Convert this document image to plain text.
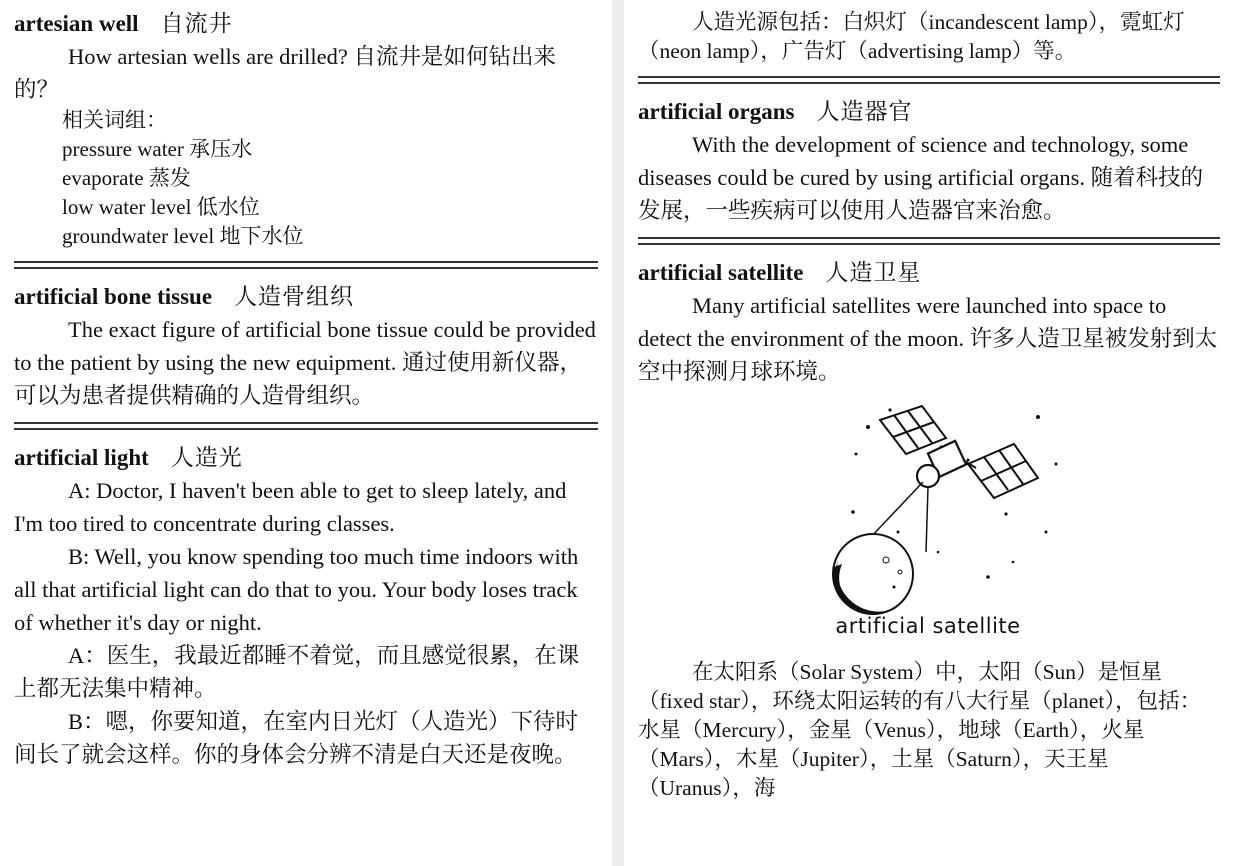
artesian well 自流井

How artesian wells are drilled? 自流井是如何钻出来的？

相关词组：
pressure water 承压水
evaporate 蒸发
low water level 低水位
groundwater level 地下水位

artificial bone tissue 人造骨组织

The exact figure of artificial bone tissue could be provided to the patient by using the new equipment. 通过使用新仪器，可以为患者提供精确的人造骨组织。

artificial light 人造光

A: Doctor, I haven't been able to get to sleep lately, and I'm too tired to concentrate during classes.

B: Well, you know spending too much time indoors with all that artificial light can do that to you. Your body loses track of whether it's day or night.

A：医生，我最近都睡不着觉，而且感觉很累，在课上都无法集中精神。

B：嗯，你要知道，在室内日光灯（人造光）下待时间长了就会这样。你的身体会分辨不清是白天还是夜晚。

人造光源包括：白炽灯（incandescent lamp），霓虹灯（neon lamp），广告灯（advertising lamp）等。

artificial organs 人造器官

With the development of science and technology, some diseases could be cured by using artificial organs. 随着科技的发展，一些疾病可以使用人造器官来治愈。

artificial satellite 人造卫星

Many artificial satellites were launched into space to detect the environment of the moon. 许多人造卫星被发射到太空中探测月球环境。

artificial satellite

在太阳系（Solar System）中，太阳（Sun）是恒星（fixed star），环绕太阳运转的有八大行星（planet），包括：水星（Mercury），金星（Venus），地球（Earth），火星（Mars），木星（Jupiter），土星（Saturn），天王星（Uranus），海
